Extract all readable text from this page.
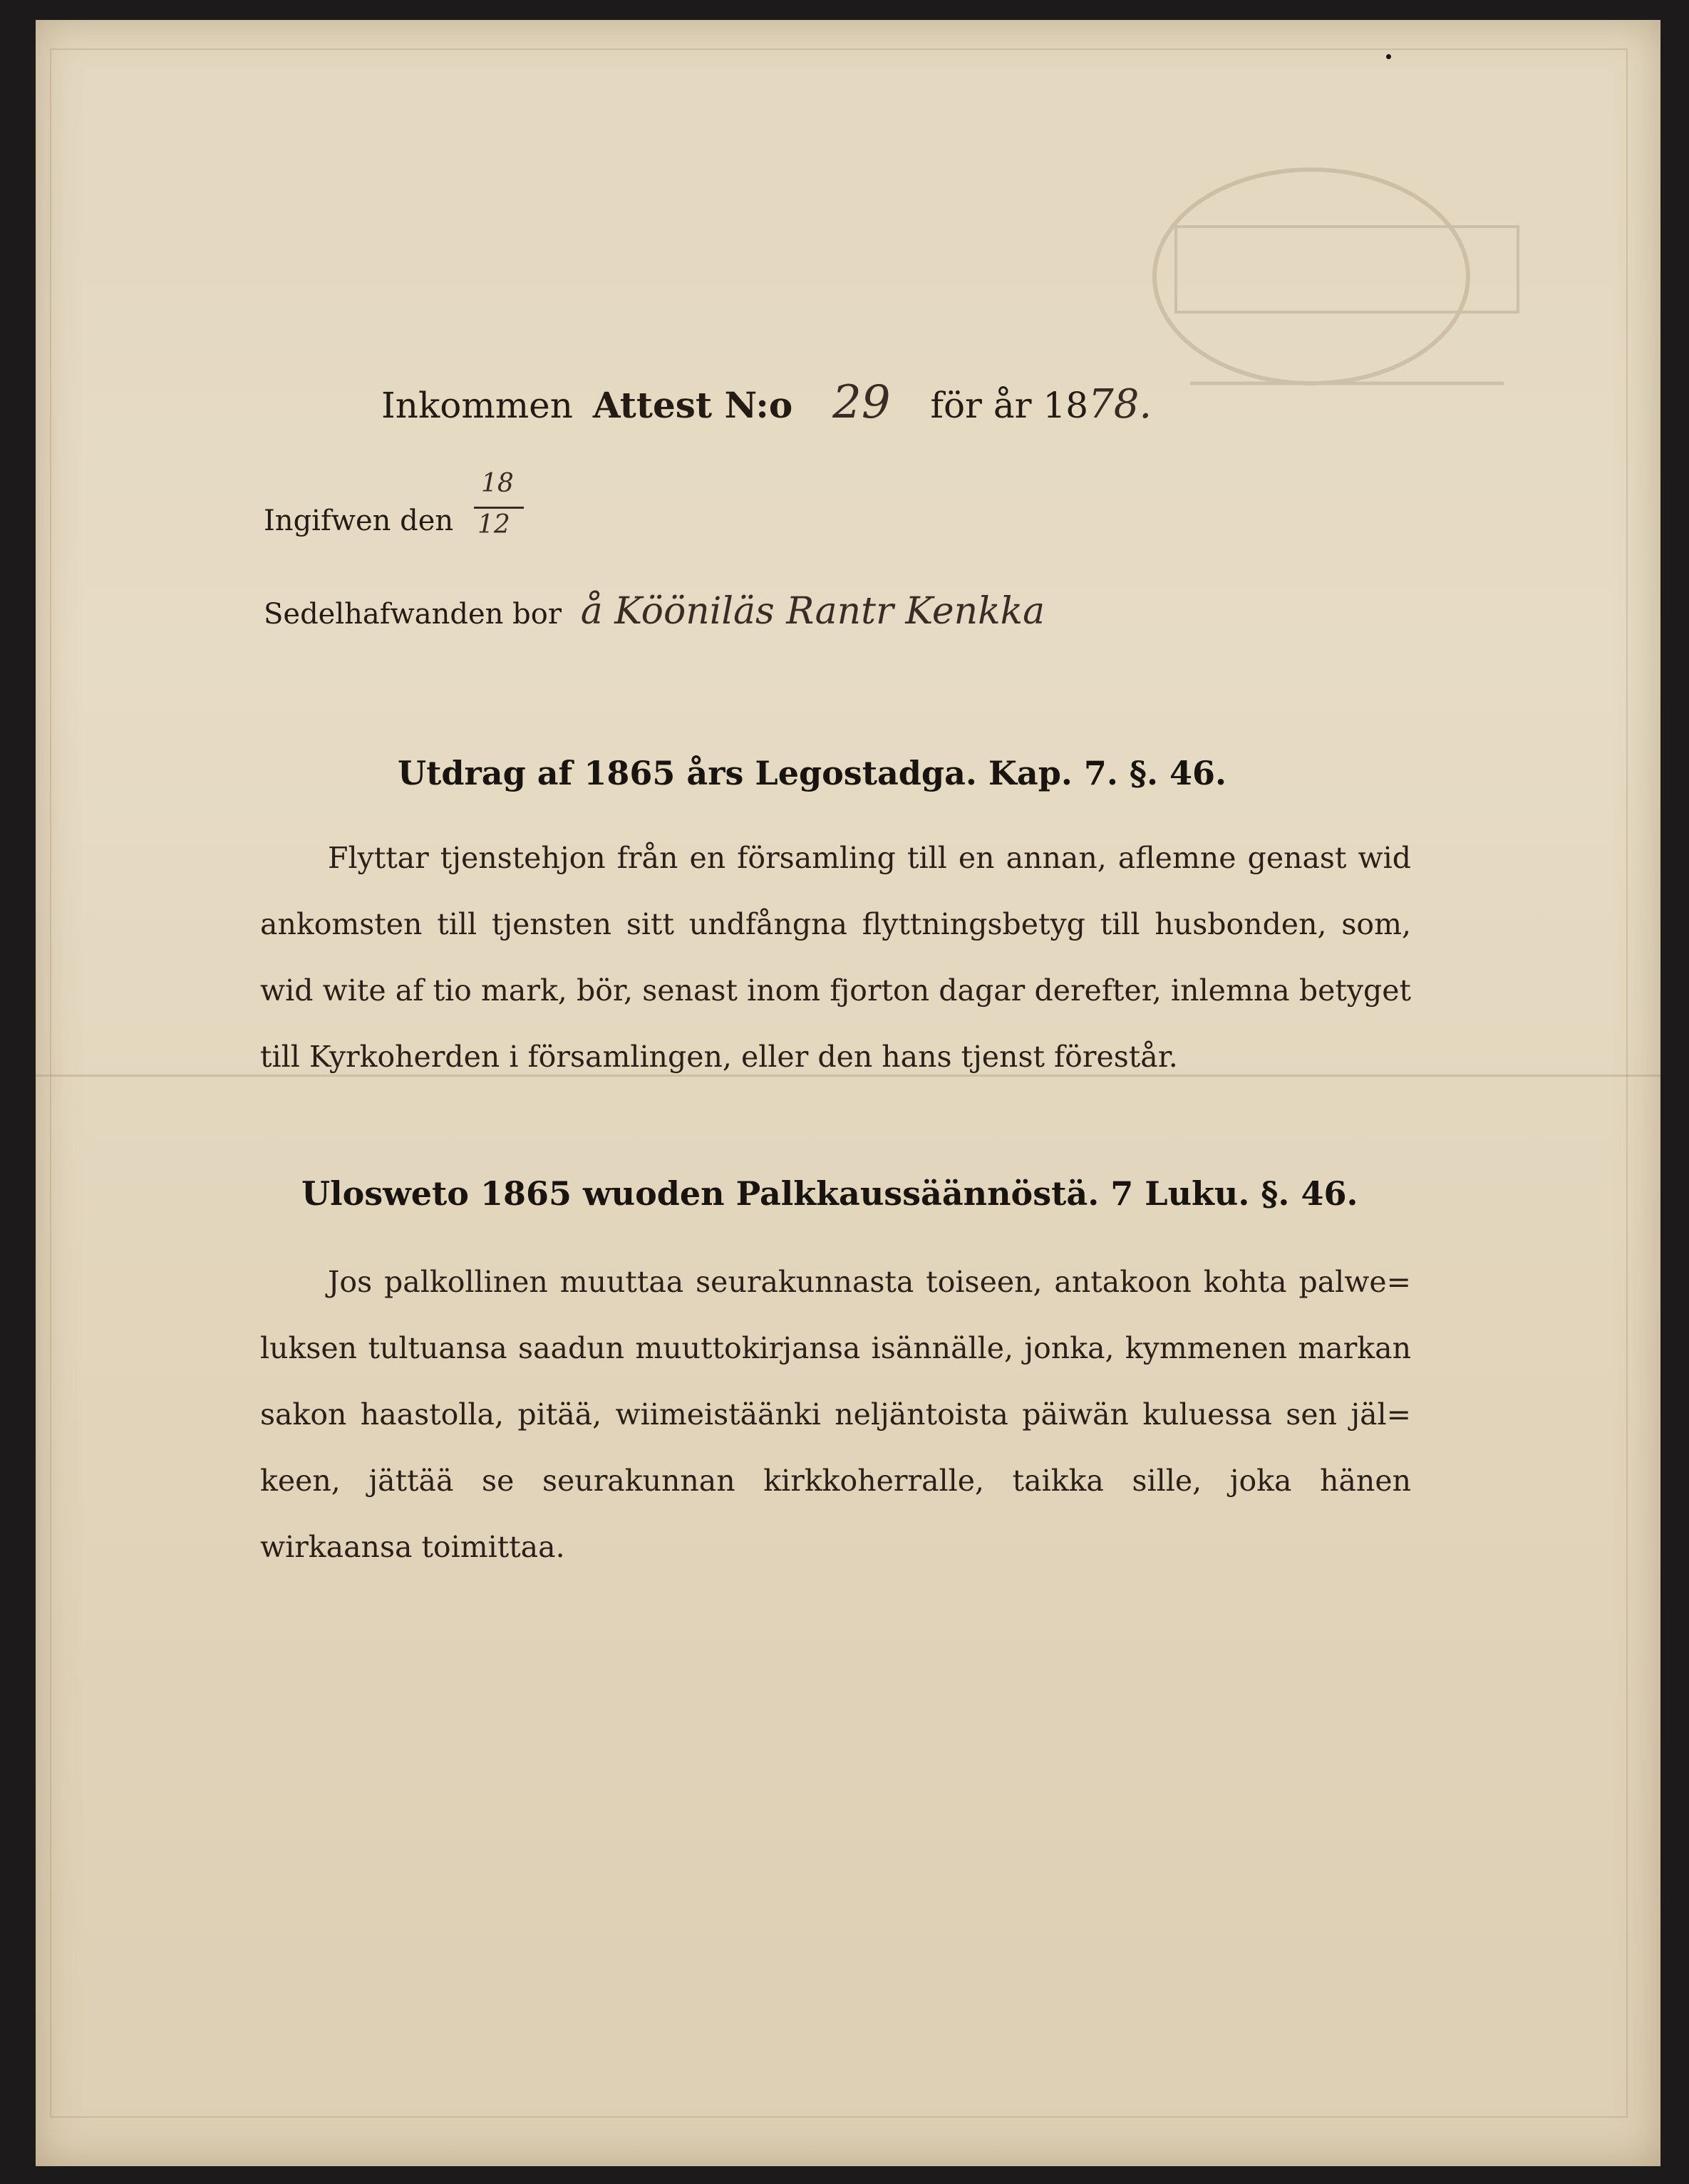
Inkommen Attest N:o 29 för år 1878.
Ingifwen den
18
12
Sedelhafwanden bor å Kööniläs Rantr Kenkka
Utdrag af 1865 års Legostadga. Kap. 7. §. 46.
Flyttar tjenstehjon från en församling till en annan, aflemne genast wid ankomsten till tjensten sitt undfångna flyttningsbetyg till husbonden, som, wid wite af tio mark, bör, senast inom fjorton dagar derefter, inlemna betyget till Kyrkoherden i församlingen, eller den hans tjenst förestår.
Ulosweto 1865 wuoden Palkkaussäännöstä. 7 Luku. §. 46.
Jos palkollinen muuttaa seurakunnasta toiseen, antakoon kohta palwe= luksen tultuansa saadun muuttokirjansa isännälle, jonka, kymmenen markan sakon haastolla, pitää, wiimeistäänki neljäntoista päiwän kuluessa sen jäl= keen, jättää se seurakunnan kirkkoherralle, taikka sille, joka hänen wirkaansa toimittaa.
